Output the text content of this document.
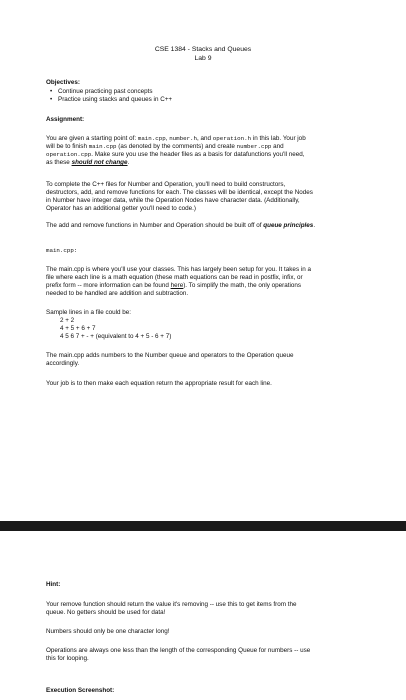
CSE 1384 - Stacks and Queues
Lab 9
Objectives:
• Continue practicing past concepts
• Practice using stacks and queues in C++
Assignment:
You are given a starting point of: main.cpp, number.h, and operation.h in this lab. Your job
will be to finish main.cpp (as denoted by the comments) and create number.cpp and
operation.cpp. Make sure you use the header files as a basis for datafunctions you'll need,
as these should not change.
To complete the C++ files for Number and Operation, you'll need to build constructors,
destructors, add, and remove functions for each. The classes will be identical, except the Nodes
in Number have integer data, while the Operation Nodes have character data. (Additionally,
Operator has an additional getter you'll need to code.)
The add and remove functions in Number and Operation should be built off of queue principles.
main.cpp:
The main.cpp is where you'll use your classes. This has largely been setup for you. It takes in a
file where each line is a math equation (these math equations can be read in postfix, infix, or
prefix form -- more information can be found here). To simplify the math, the only operations
needed to be handled are addition and subtraction.
Sample lines in a file could be:
2 + 2
4 + 5 + 6 + 7
4 5 6 7 + - + (equivalent to 4 + 5 - 6 + 7)
The main.cpp adds numbers to the Number queue and operators to the Operation queue
accordingly.
Your job is to then make each equation return the appropriate result for each line.
Hint:
Your remove function should return the value it's removing -- use this to get items from the
queue. No getters should be used for data!
Numbers should only be one character long!
Operations are always one less than the length of the corresponding Queue for numbers -- use
this for looping.
Execution Screenshot:
